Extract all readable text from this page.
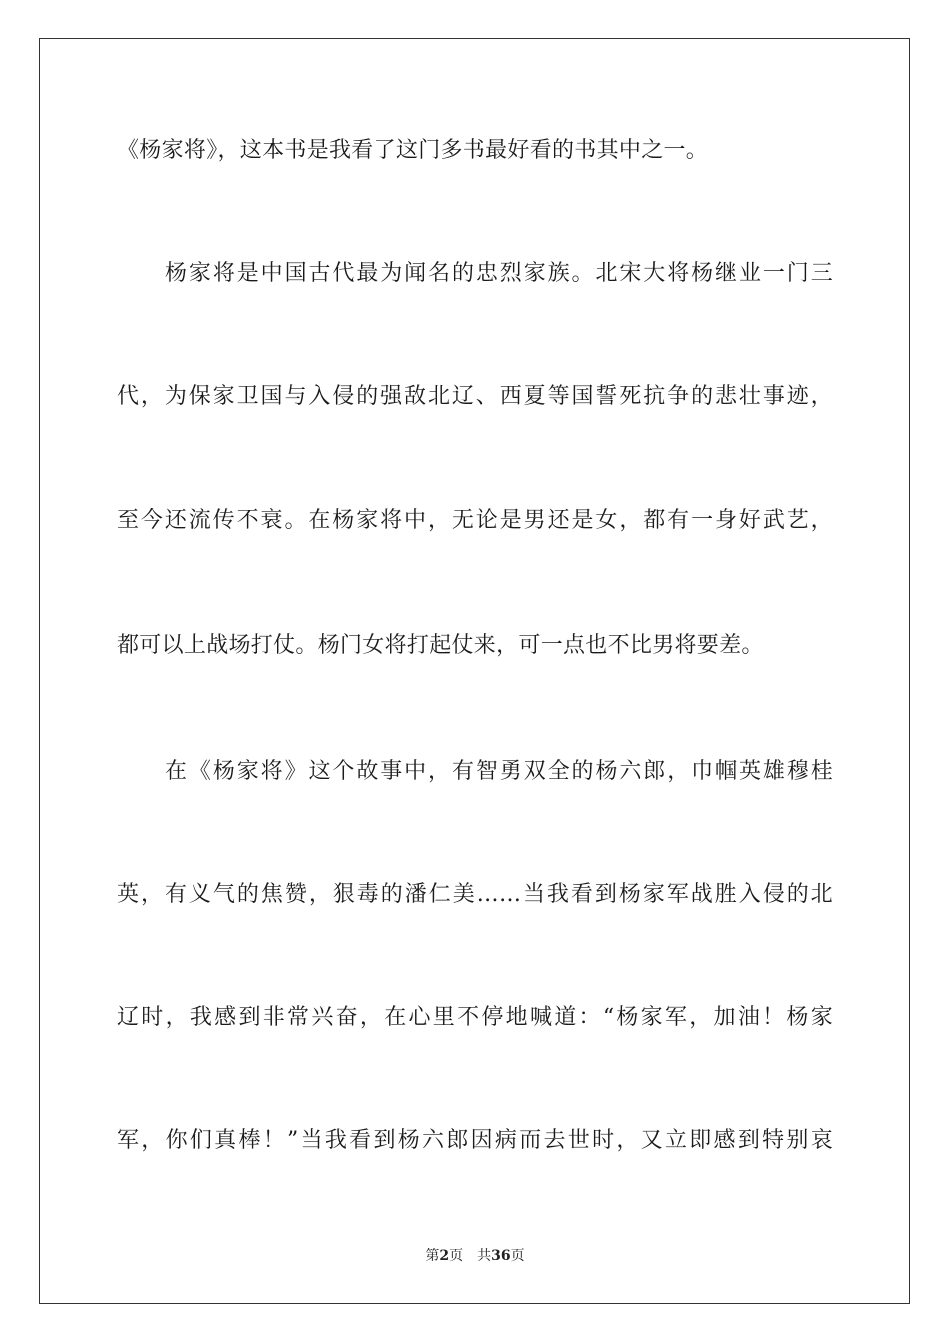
《杨家将》，这本书是我看了这门多书最好看的书其中之一。
杨家将是中国古代最为闻名的忠烈家族。北宋大将杨继业一门三
代，为保家卫国与入侵的强敌北辽、西夏等国誓死抗争的悲壮事迹，
至今还流传不衰。在杨家将中，无论是男还是女，都有一身好武艺，
都可以上战场打仗。杨门女将打起仗来，可一点也不比男将要差。
在《杨家将》这个故事中，有智勇双全的杨六郎，巾帼英雄穆桂
英，有义气的焦赞，狠毒的潘仁美……当我看到杨家军战胜入侵的北
辽时，我感到非常兴奋，在心里不停地喊道：“杨家军，加油！杨家
军，你们真棒！”当我看到杨六郎因病而去世时，又立即感到特别哀
第2页 共36页
